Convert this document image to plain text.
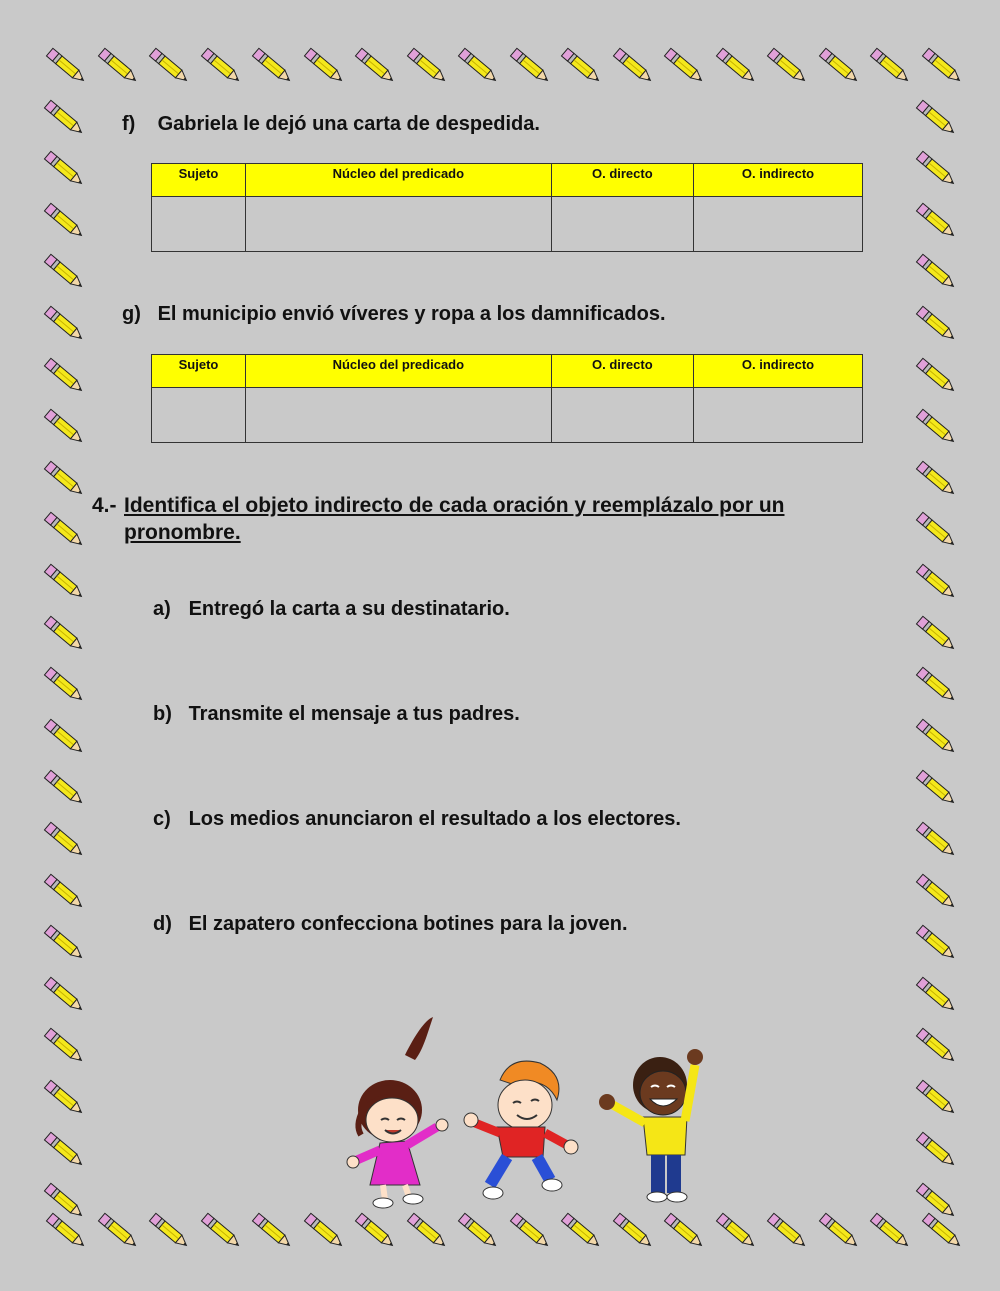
f) Gabriela le dejó una carta de despedida.
Sujeto	Núcleo del predicado	O. directo	O. indirecto

g) El municipio envió víveres y ropa a los damnificados.
Sujeto	Núcleo del predicado	O. directo	O. indirecto

4.- Identifica el objeto indirecto de cada oración y reemplázalo por un pronombre.
a) Entregó la carta a su destinatario.
b) Transmite el mensaje a tus padres.
c) Los medios anunciaron el resultado a los electores.
d) El zapatero confecciona botines para la joven.
